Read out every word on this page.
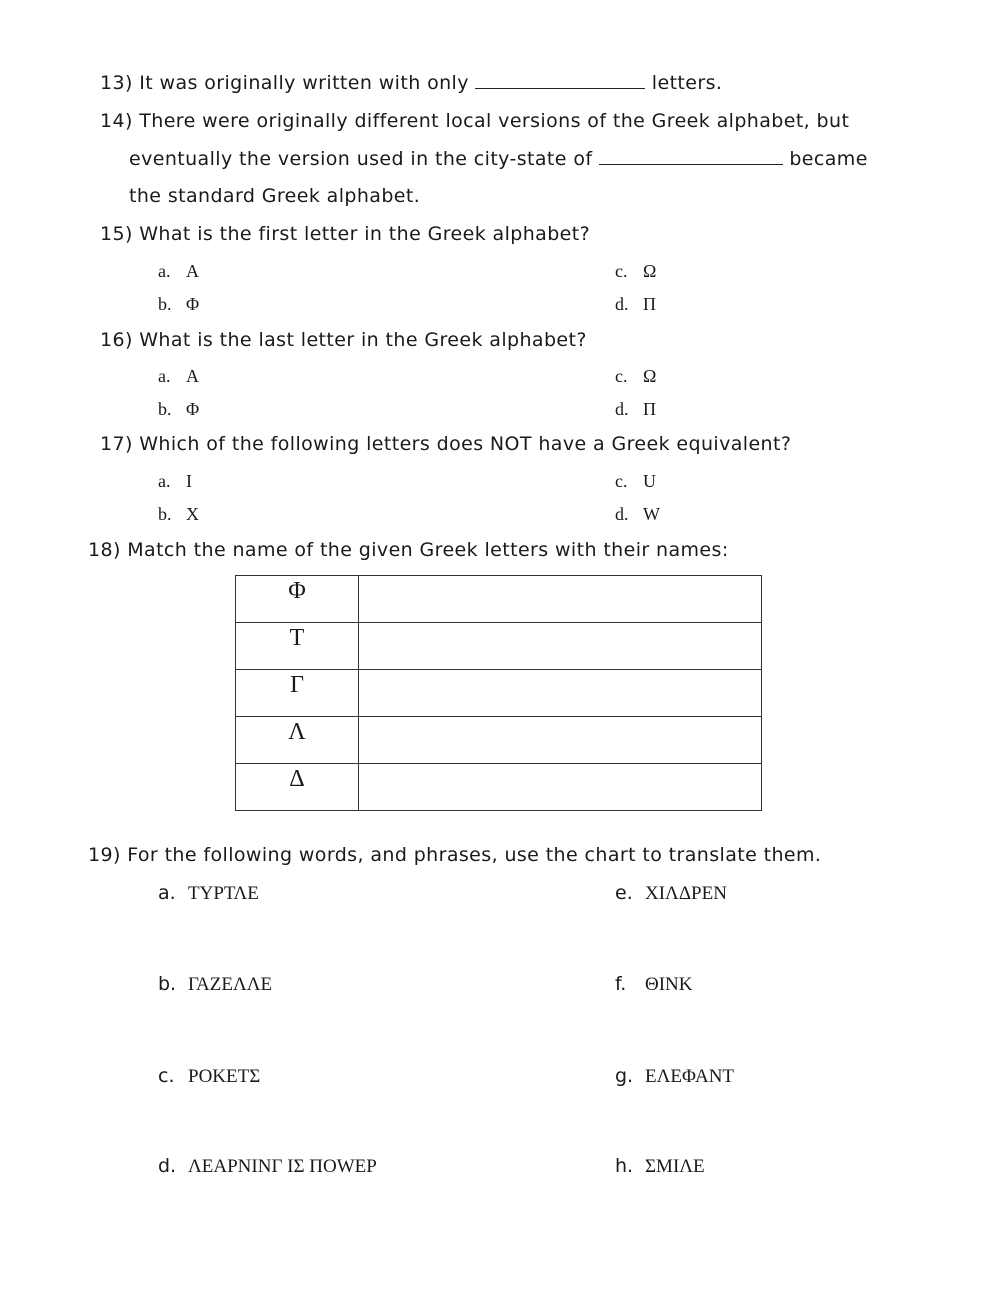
13) It was originally written with only	letters.
14) There were originally different local versions of the Greek alphabet, but
eventually the version used in the city-state of	became
the standard Greek alphabet.
15) What is the first letter in the Greek alphabet?
a. Α
b. Φ
c. Ω
d. Π
16) What is the last letter in the Greek alphabet?
a. Α
b. Φ
c. Ω
d. Π
17) Which of the following letters does NOT have a Greek equivalent?
a. I
b. X
c. U
d. W
18) Match the name of the given Greek letters with their names:
Φ	
Τ	
Γ	
Λ	
Δ	
19) For the following words, and phrases, use the chart to translate them.
a. ΤΥΡΤΛΕ
b. ΓΑΖΕΛΛΕ
c. ΡΟΚΕΤΣ
d. ΛΕΑΡΝΙΝΓ ΙΣ ΠΟWΕΡ
e. ΧΙΛΔΡΕΝ
f. ΘΙΝΚ
g. ΕΛΕΦΑΝΤ
h. ΣΜΙΛΕ
